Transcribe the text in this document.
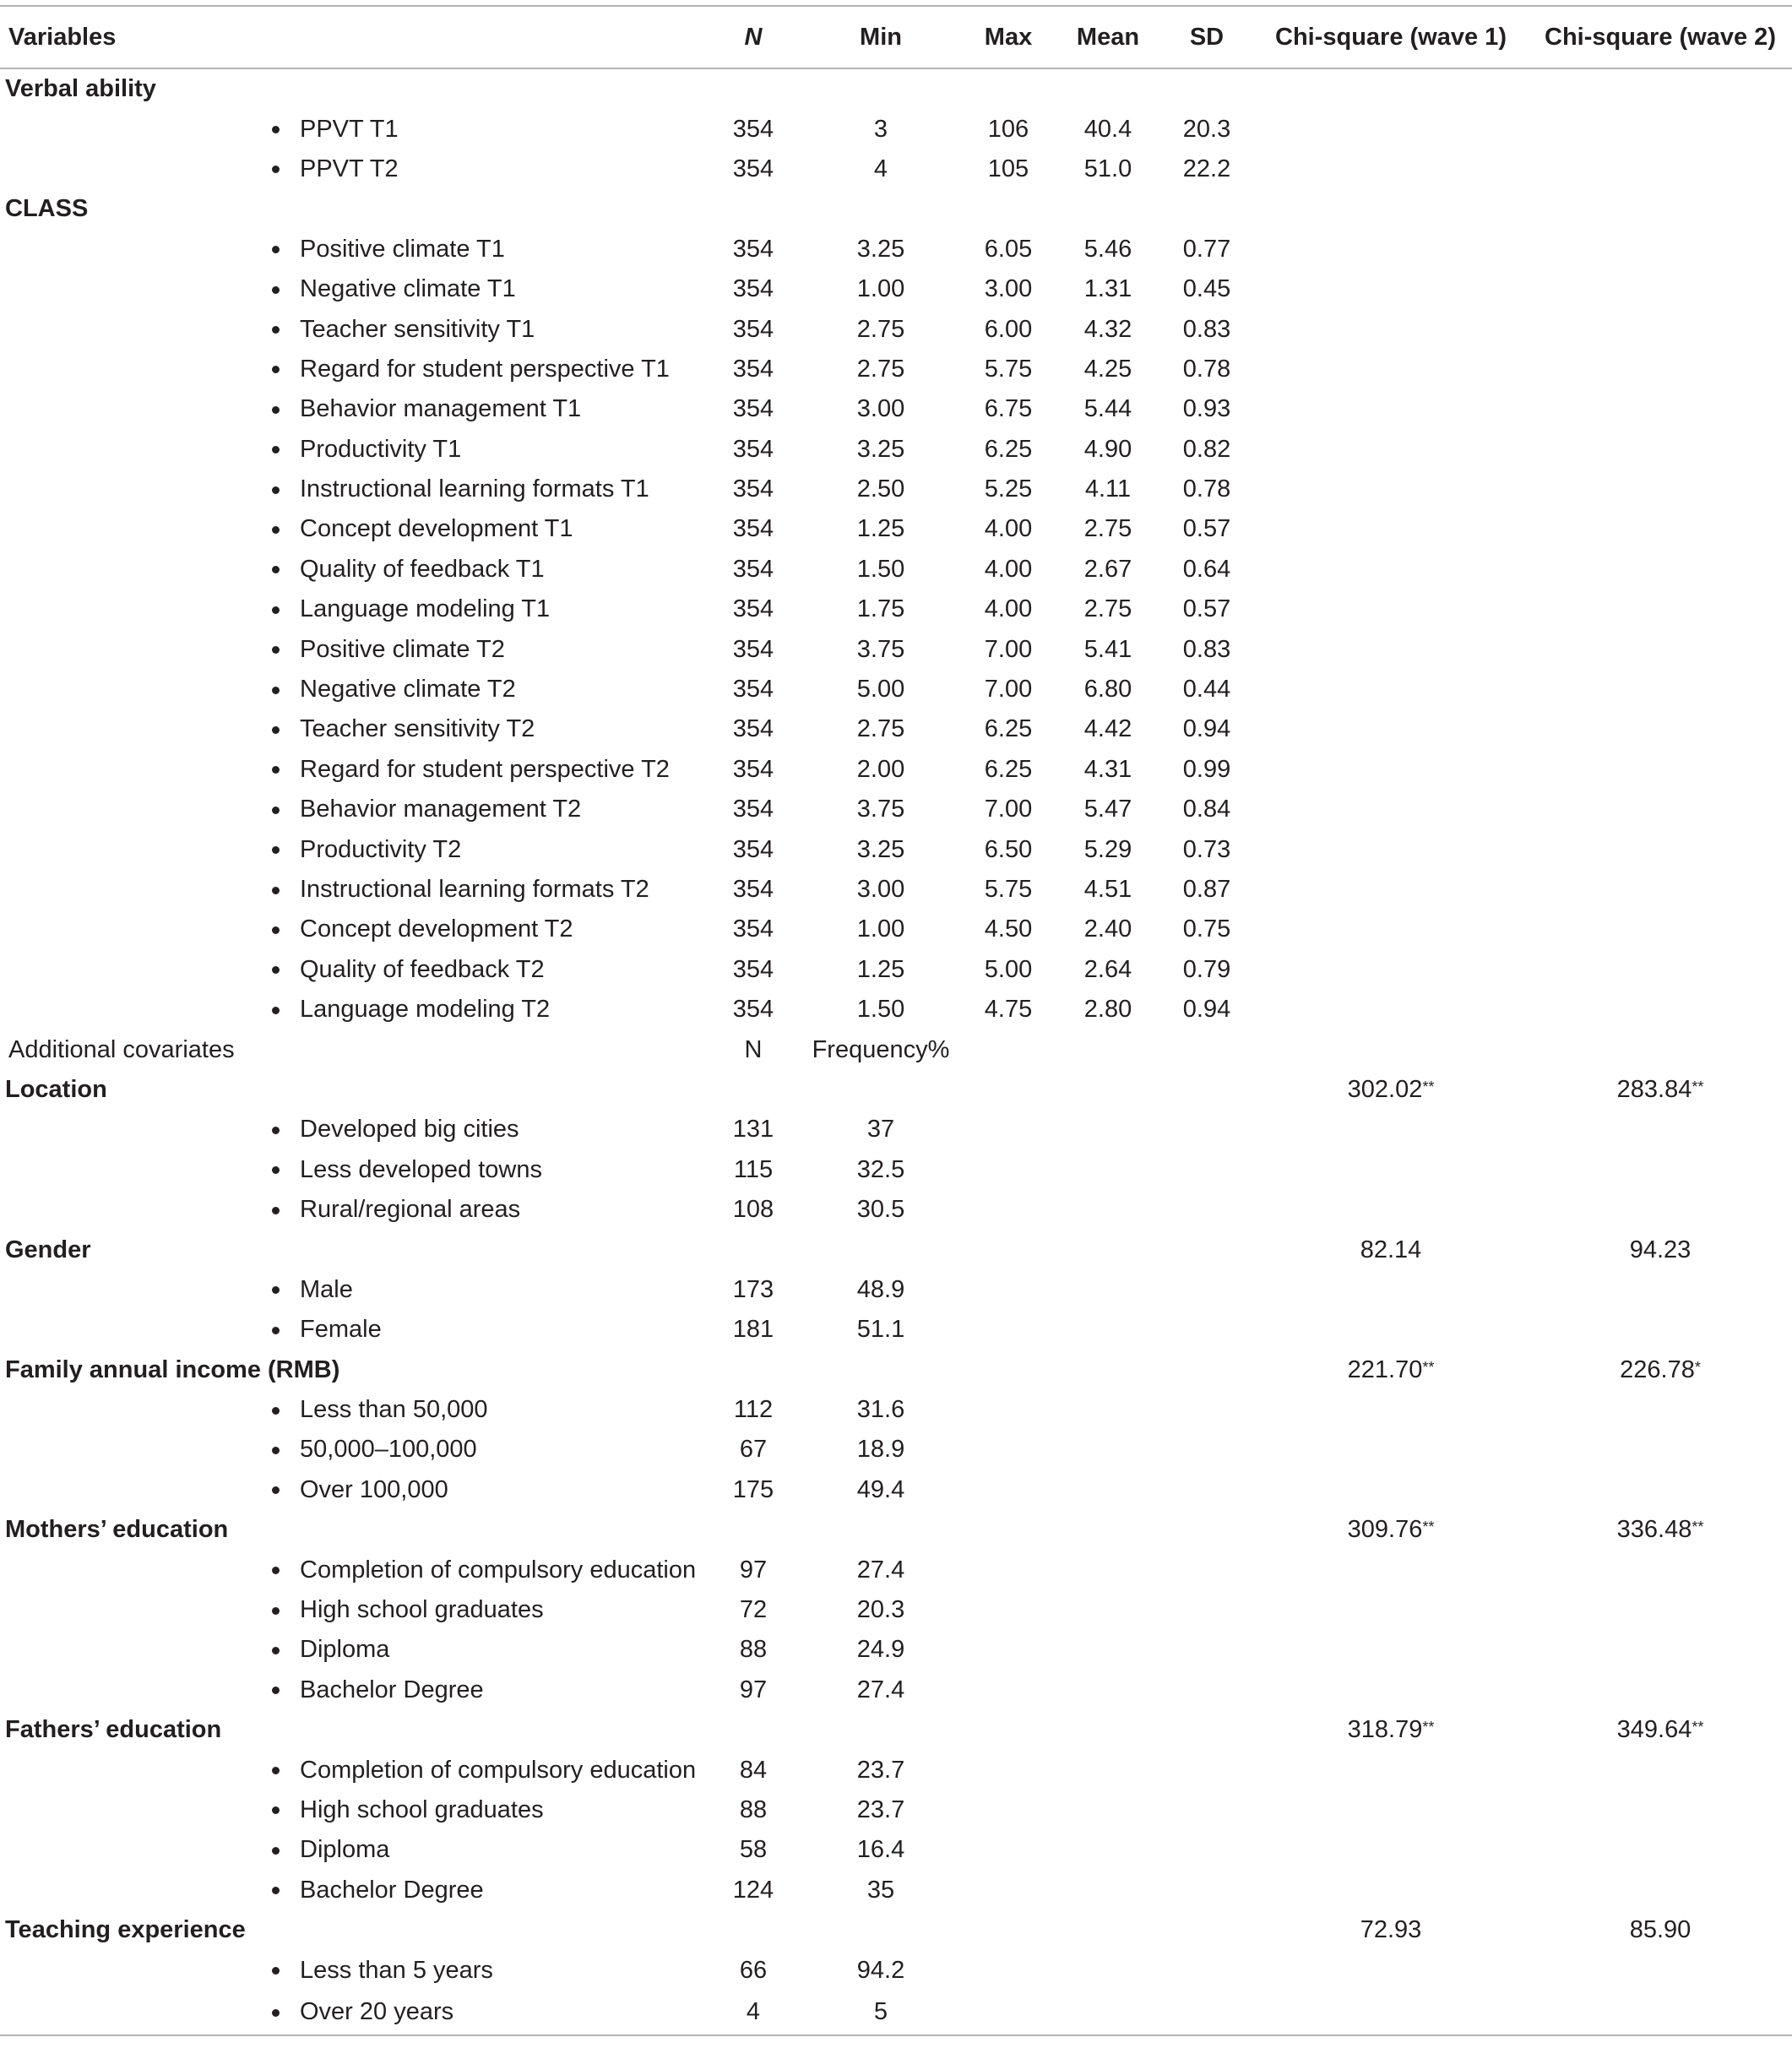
Variables	N	Min	Max	Mean	SD	Chi-square (wave 1)	Chi-square (wave 2)
Verbal ability							

PPVT T1	354	3	106	40.4	20.3		

PPVT T2	354	4	105	51.0	22.2		
CLASS							

Positive climate T1	354	3.25	6.05	5.46	0.77		

Negative climate T1	354	1.00	3.00	1.31	0.45		

Teacher sensitivity T1	354	2.75	6.00	4.32	0.83		

Regard for student perspective T1	354	2.75	5.75	4.25	0.78		

Behavior management T1	354	3.00	6.75	5.44	0.93		

Productivity T1	354	3.25	6.25	4.90	0.82		

Instructional learning formats T1	354	2.50	5.25	4.11	0.78		

Concept development T1	354	1.25	4.00	2.75	0.57		

Quality of feedback T1	354	1.50	4.00	2.67	0.64		

Language modeling T1	354	1.75	4.00	2.75	0.57		

Positive climate T2	354	3.75	7.00	5.41	0.83		

Negative climate T2	354	5.00	7.00	6.80	0.44		

Teacher sensitivity T2	354	2.75	6.25	4.42	0.94		

Regard for student perspective T2	354	2.00	6.25	4.31	0.99		

Behavior management T2	354	3.75	7.00	5.47	0.84		

Productivity T2	354	3.25	6.50	5.29	0.73		

Instructional learning formats T2	354	3.00	5.75	4.51	0.87		

Concept development T2	354	1.00	4.50	2.40	0.75		

Quality of feedback T2	354	1.25	5.00	2.64	0.79		

Language modeling T2	354	1.50	4.75	2.80	0.94		
Additional covariates	N	Frequency%					
Location						302.02**	283.84**

Developed big cities	131	37					

Less developed towns	115	32.5					

Rural/regional areas	108	30.5					
Gender						82.14	94.23

Male	173	48.9					

Female	181	51.1					
Family annual income (RMB)						221.70**	226.78*

Less than 50,000	112	31.6					

50,000–100,000	67	18.9					

Over 100,000	175	49.4					
Mothers’ education						309.76**	336.48**

Completion of compulsory education	97	27.4					

High school graduates	72	20.3					

Diploma	88	24.9					

Bachelor Degree	97	27.4					
Fathers’ education						318.79**	349.64**

Completion of compulsory education	84	23.7					

High school graduates	88	23.7					

Diploma	58	16.4					

Bachelor Degree	124	35					
Teaching experience						72.93	85.90

Less than 5 years	66	94.2					

Over 20 years	4	5					
